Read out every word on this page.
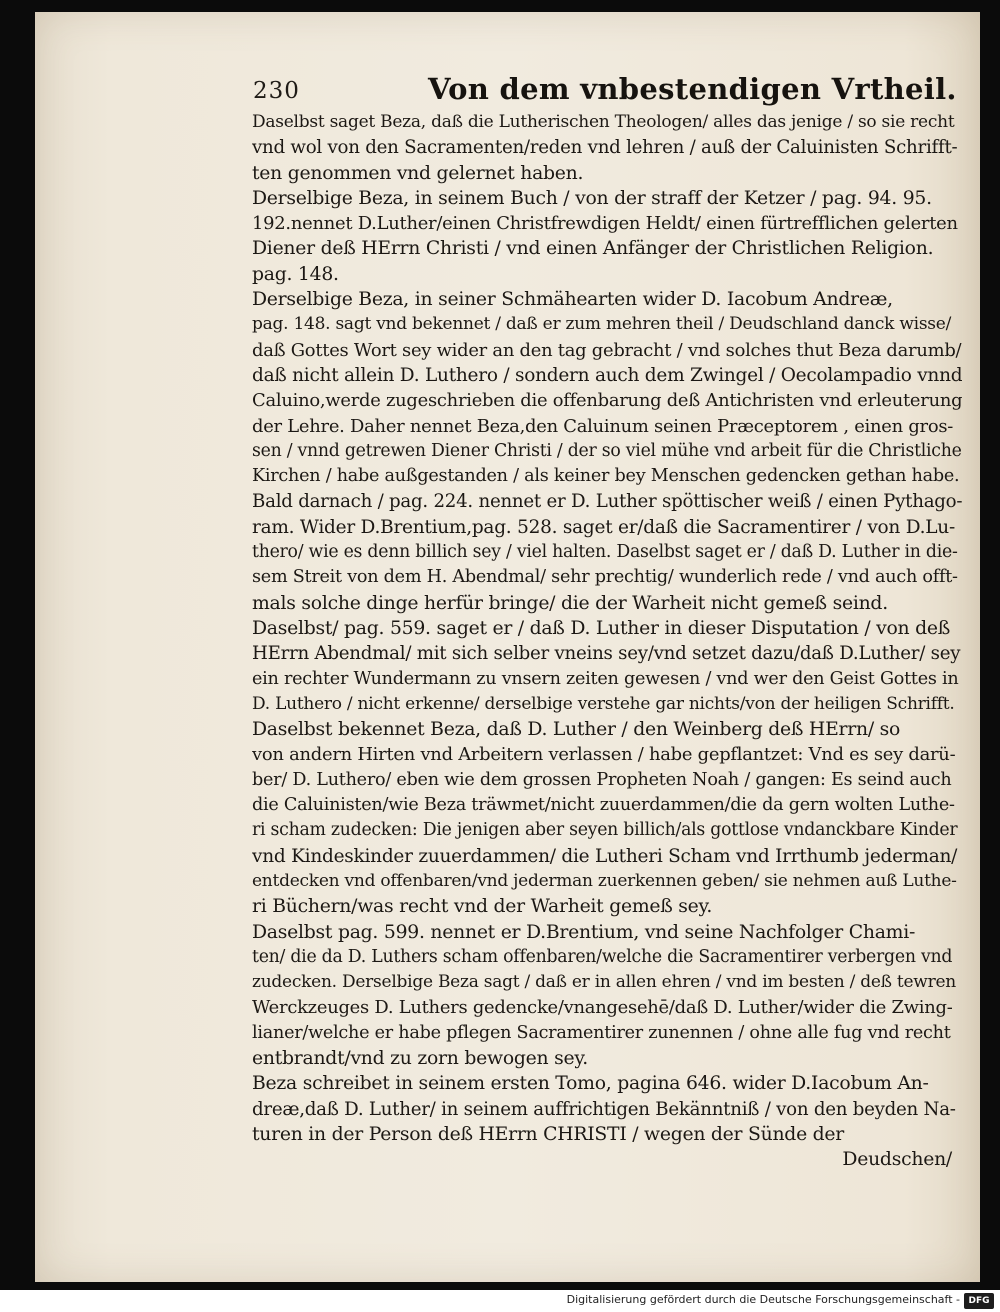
230	Von dem vnbestendigen Vrtheil.
Daselbst saget Beza, daß die Lutherischen Theologen/ alles das jenige / so sie recht
vnd wol von den Sacramenten/reden vnd lehren / auß der Caluinisten Schrifft-
ten genommen vnd gelernet haben.
Derselbige Beza, in seinem Buch / von der straff der Ketzer / pag. 94. 95.
192.nennet D.Luther/einen Christfrewdigen Heldt/ einen fürtrefflichen gelerten
Diener deß HErrn Christi / vnd einen Anfänger der Christlichen Religion.
pag. 148.
Derselbige Beza, in seiner Schmähearten wider D. Iacobum Andreæ,
pag. 148. sagt vnd bekennet / daß er zum mehren theil / Deudschland danck wisse/
daß Gottes Wort sey wider an den tag gebracht / vnd solches thut Beza darumb/
daß nicht allein D. Luthero / sondern auch dem Zwingel / Oecolampadio vnnd
Caluino,werde zugeschrieben die offenbarung deß Antichristen vnd erleuterung
der Lehre. Daher nennet Beza,den Caluinum seinen Præceptorem , einen gros-
sen / vnnd getrewen Diener Christi / der so viel mühe vnd arbeit für die Christliche
Kirchen / habe außgestanden / als keiner bey Menschen gedencken gethan habe.
Bald darnach / pag. 224. nennet er D. Luther spöttischer weiß / einen Pythago-
ram. Wider D.Brentium,pag. 528. saget er/daß die Sacramentirer / von D.Lu-
thero/ wie es denn billich sey / viel halten. Daselbst saget er / daß D. Luther in die-
sem Streit von dem H. Abendmal/ sehr prechtig/ wunderlich rede / vnd auch offt-
mals solche dinge herfür bringe/ die der Warheit nicht gemeß seind.
Daselbst/ pag. 559. saget er / daß D. Luther in dieser Disputation / von deß
HErrn Abendmal/ mit sich selber vneins sey/vnd setzet dazu/daß D.Luther/ sey
ein rechter Wundermann zu vnsern zeiten gewesen / vnd wer den Geist Gottes in
D. Luthero / nicht erkenne/ derselbige verstehe gar nichts/von der heiligen Schrifft.
Daselbst bekennet Beza, daß D. Luther / den Weinberg deß HErrn/ so
von andern Hirten vnd Arbeitern verlassen / habe gepflantzet: Vnd es sey darü-
ber/ D. Luthero/ eben wie dem grossen Propheten Noah / gangen: Es seind auch
die Caluinisten/wie Beza träwmet/nicht zuuerdammen/die da gern wolten Luthe-
ri scham zudecken: Die jenigen aber seyen billich/als gottlose vndanckbare Kinder
vnd Kindeskinder zuuerdammen/ die Lutheri Scham vnd Irrthumb jederman/
entdecken vnd offenbaren/vnd jederman zuerkennen geben/ sie nehmen auß Luthe-
ri Büchern/was recht vnd der Warheit gemeß sey.
Daselbst pag. 599. nennet er D.Brentium, vnd seine Nachfolger Chami-
ten/ die da D. Luthers scham offenbaren/welche die Sacramentirer verbergen vnd
zudecken. Derselbige Beza sagt / daß er in allen ehren / vnd im besten / deß tewren
Werckzeuges D. Luthers gedencke/vnangesehē/daß D. Luther/wider die Zwing-
lianer/welche er habe pflegen Sacramentirer zunennen / ohne alle fug vnd recht
entbrandt/vnd zu zorn bewogen sey.
Beza schreibet in seinem ersten Tomo, pagina 646. wider D.Iacobum An-
dreæ,daß D. Luther/ in seinem auffrichtigen Bekänntniß / von den beyden Na-
turen in der Person deß HErrn CHRISTI / wegen der Sünde der
Deudschen/
Digitalisierung gefördert durch die Deutsche Forschungsgemeinschaft - DFG
